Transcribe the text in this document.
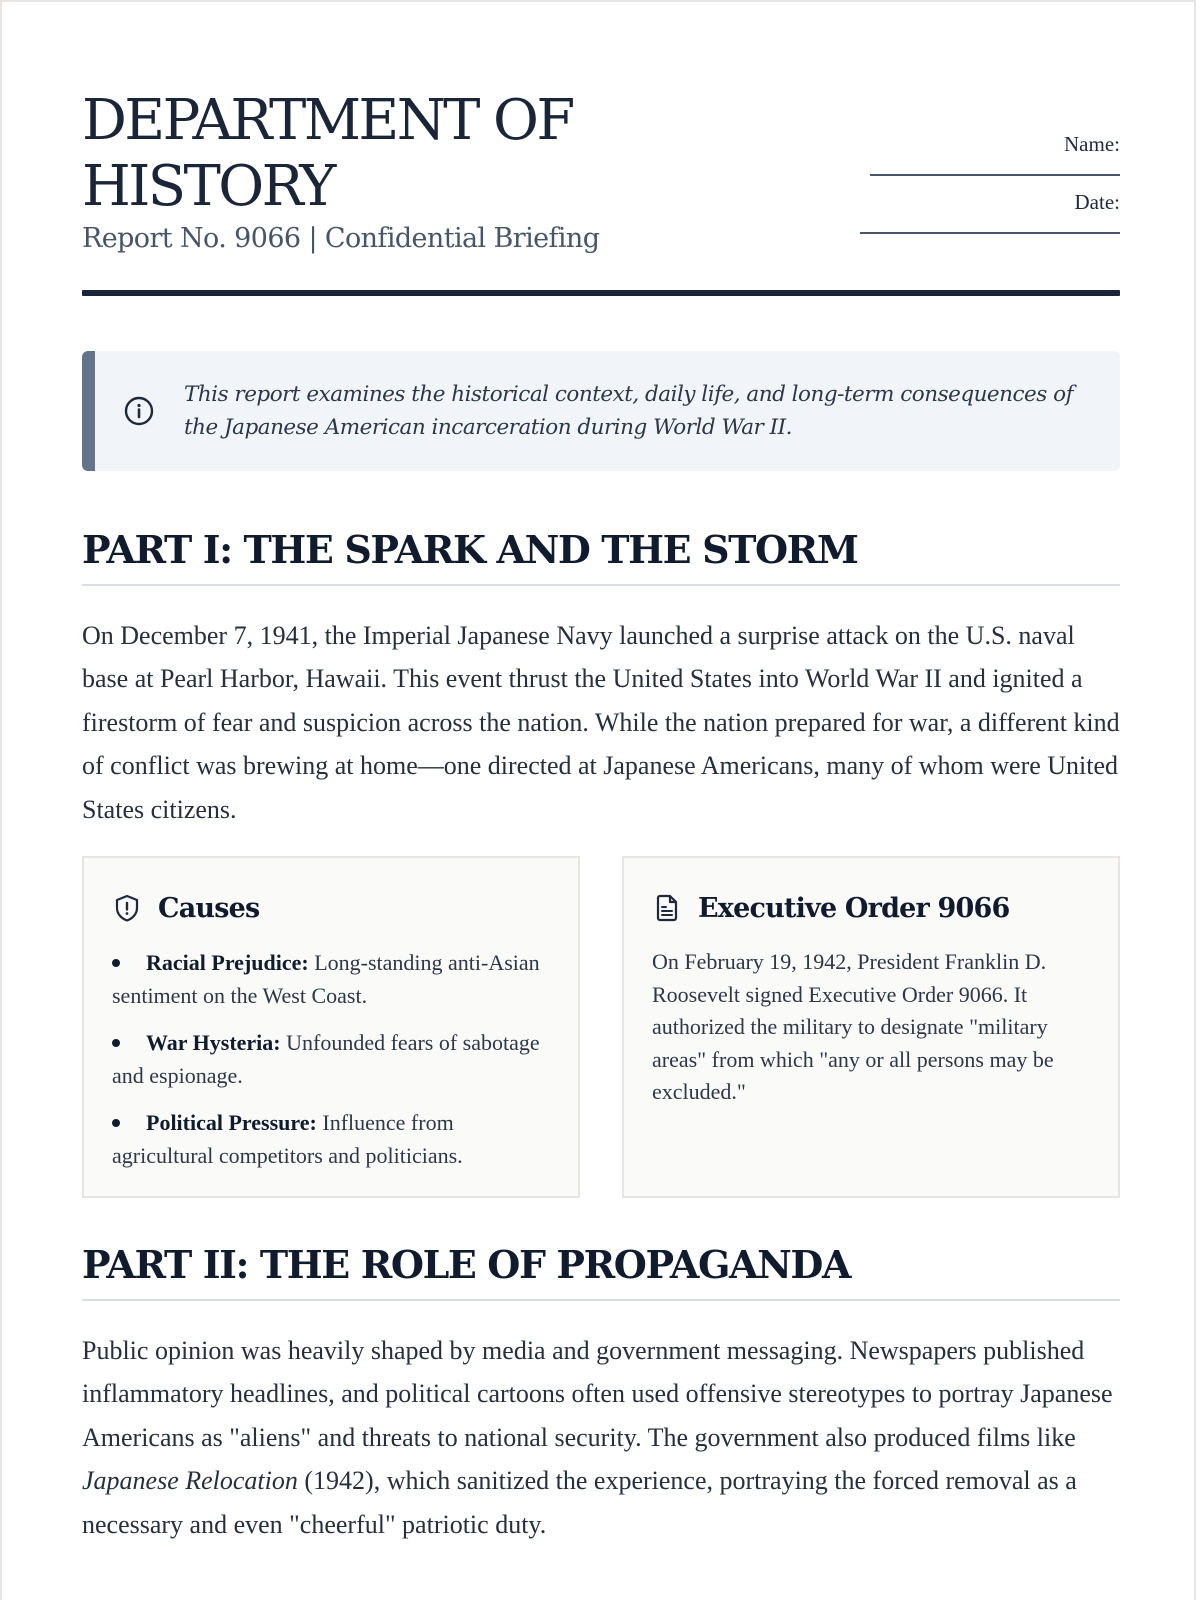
DEPARTMENT OF HISTORY
Report No. 9066 | Confidential Briefing
Name:
Date:
This report examines the historical context, daily life, and long-term consequences of the Japanese American incarceration during World War II.
PART I: THE SPARK AND THE STORM

On December 7, 1941, the Imperial Japanese Navy launched a surprise attack on the U.S. naval base at Pearl Harbor, Hawaii. This event thrust the United States into World War II and ignited a firestorm of fear and suspicion across the nation. While the nation prepared for war, a different kind of conflict was brewing at home—one directed at Japanese Americans, many of whom were United States citizens.

Causes
Racial Prejudice: Long-standing anti-Asian sentiment on the West Coast.
War Hysteria: Unfounded fears of sabotage and espionage.
Political Pressure: Influence from agricultural competitors and politicians.
Executive Order 9066

On February 19, 1942, President Franklin D. Roosevelt signed Executive Order 9066. It authorized the military to designate "military areas" from which "any or all persons may be excluded."

PART II: THE ROLE OF PROPAGANDA

Public opinion was heavily shaped by media and government messaging. Newspapers published inflammatory headlines, and political cartoons often used offensive stereotypes to portray Japanese Americans as "aliens" and threats to national security. The government also produced films like Japanese Relocation (1942), which sanitized the experience, portraying the forced removal as a necessary and even "cheerful" patriotic duty.
